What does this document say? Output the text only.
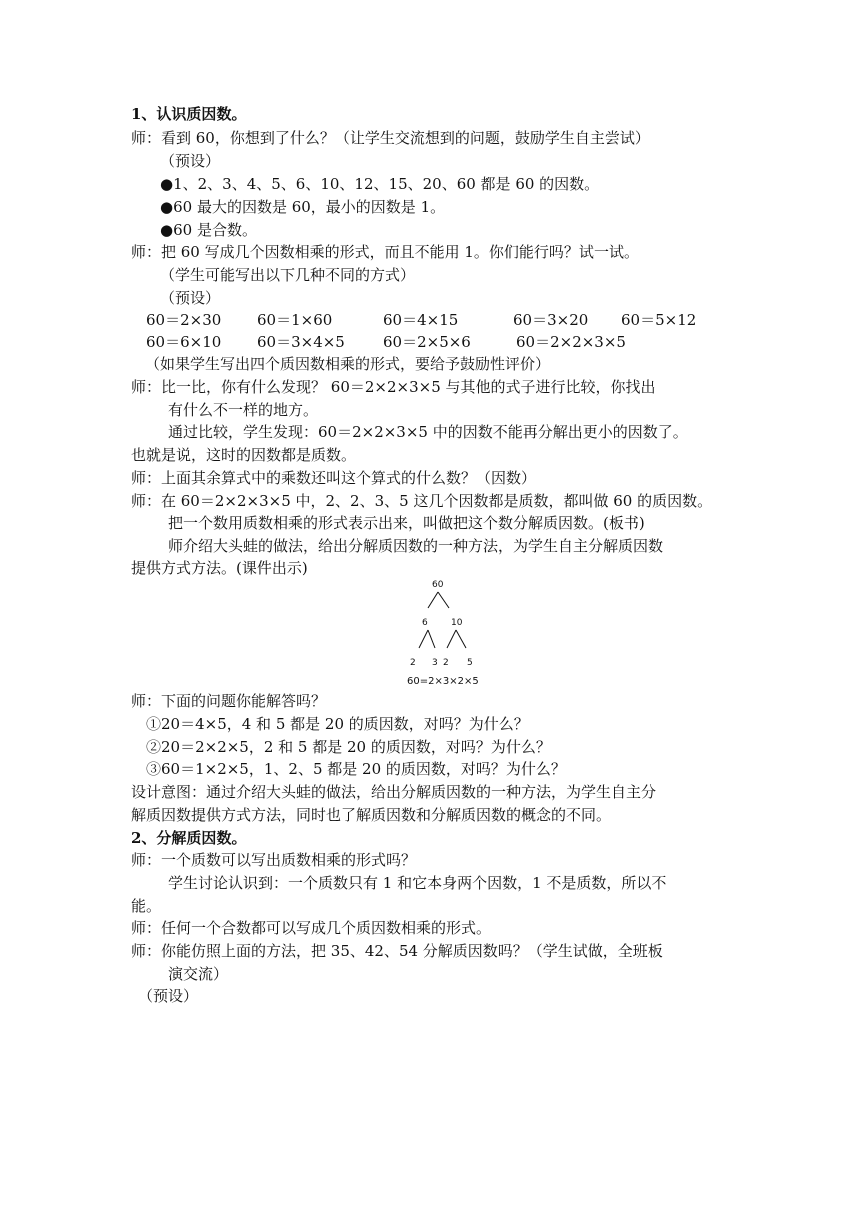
1、认识质因数。
师：看到 60，你想到了什么？（让学生交流想到的问题，鼓励学生自主尝试）
（预设）
●1、2、3、4、5、6、10、12、15、20、60 都是 60 的因数。
●60 最大的因数是 60，最小的因数是 1。
●60 是合数。
师：把 60 写成几个因数相乘的形式，而且不能用 1。你们能行吗？试一试。
（学生可能写出以下几种不同的方式）
（预设）
60＝2×30 60＝1×60	60＝4×15	60＝3×20 60＝5×12
60＝6×10 60＝3×4×5	60＝2×5×6	60＝2×2×3×5
（如果学生写出四个质因数相乘的形式，要给予鼓励性评价）
师：比一比，你有什么发现？ 60＝2×2×3×5 与其他的式子进行比较，你找出
有什么不一样的地方。
通过比较，学生发现：60＝2×2×3×5 中的因数不能再分解出更小的因数了。
也就是说，这时的因数都是质数。
师：上面其余算式中的乘数还叫这个算式的什么数？（因数）
师：在 60＝2×2×3×5 中，2、2、3、5 这几个因数都是质数，都叫做 60 的质因数。
把一个数用质数相乘的形式表示出来，叫做把这个数分解质因数。(板书)
师介绍大头蛙的做法，给出分解质因数的一种方法，为学生自主分解质因数
提供方式方法。(课件出示)
60
6	10
2 3 2 5
60=2×3×2×5
师：下面的问题你能解答吗？
①20＝4×5，4 和 5 都是 20 的质因数，对吗？为什么？
②20＝2×2×5，2 和 5 都是 20 的质因数，对吗？为什么？
③60＝1×2×5，1、2、5 都是 20 的质因数，对吗？为什么？
设计意图：通过介绍大头蛙的做法，给出分解质因数的一种方法，为学生自主分
解质因数提供方式方法，同时也了解质因数和分解质因数的概念的不同。
2、分解质因数。
师：一个质数可以写出质数相乘的形式吗？
学生讨论认识到：一个质数只有 1 和它本身两个因数，1 不是质数，所以不
能。
师：任何一个合数都可以写成几个质因数相乘的形式。
师：你能仿照上面的方法，把 35、42、54 分解质因数吗？（学生试做，全班板
演交流）
（预设）
